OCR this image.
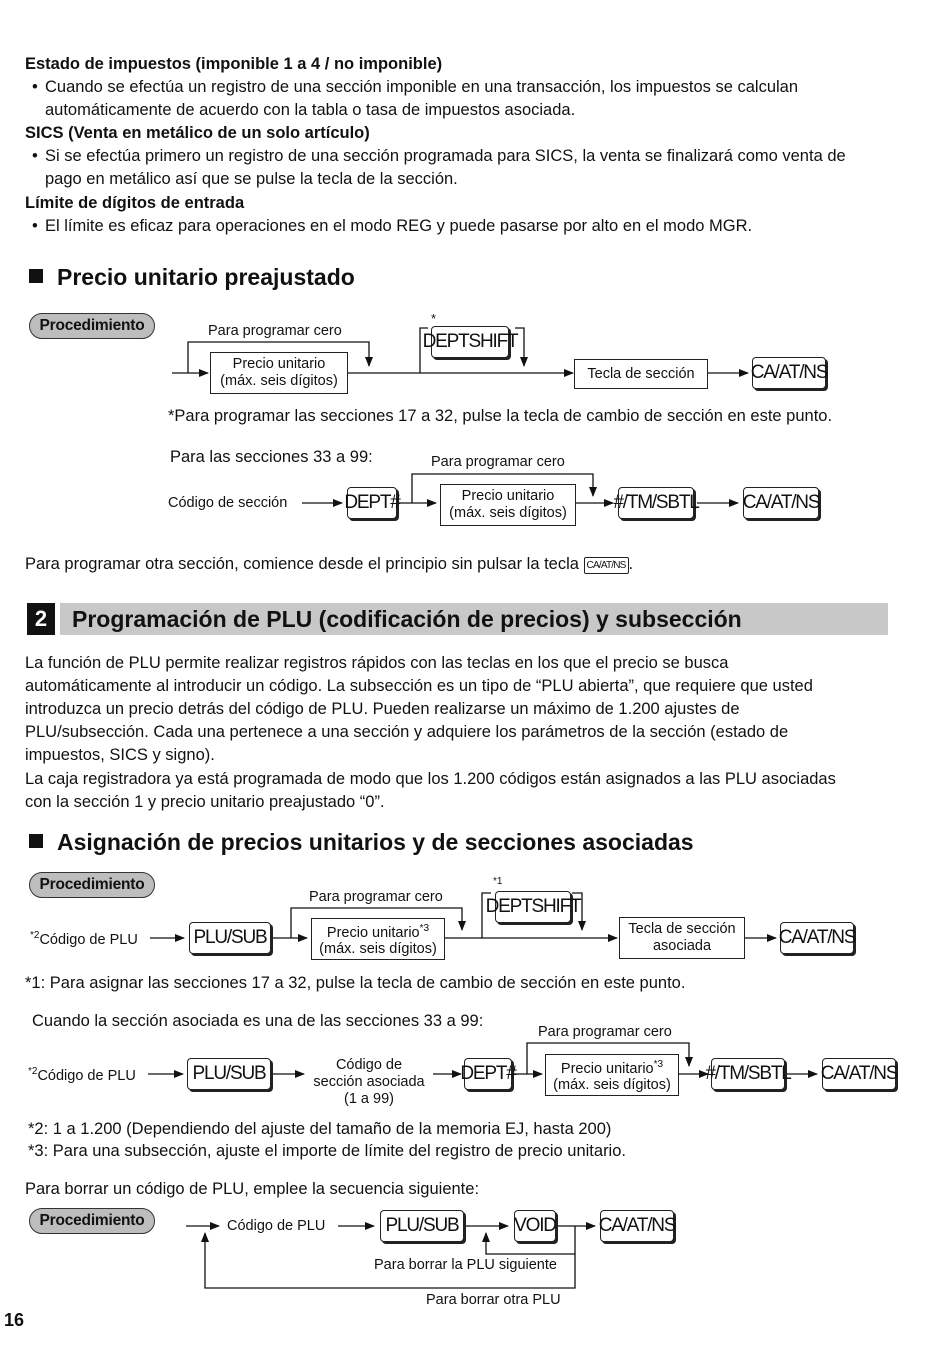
16
Estado de impuestos (imponible 1 a 4 / no imponible)
• Cuando se efectúa un registro de una sección imponible en una transacción, los impuestos se calculan
automáticamente de acuerdo con la tabla o tasa de impuestos asociada.
SICS (Venta en metálico de un solo artículo)
• Si se efectúa primero un registro de una sección programada para SICS, la venta se finalizará como venta de
pago en metálico así que se pulse la tecla de la sección.
Límite de dígitos de entrada
• El límite es eficaz para operaciones en el modo REG y puede pasarse por alto en el modo MGR.
Precio unitario preajustado
Procedimiento	Para programar cero
*
Precio unitario
(máx. seis dígitos)
DEPTSHIFT
Tecla de sección	CA/AT/NS
*Para programar las secciones 17 a 32, pulse la tecla de cambio de sección en este punto.
Para las secciones 33 a 99:	Para programar cero
Código de sección	DEPT#	Precio unitario
(máx. seis dígitos) #/TM/SBTL CA/AT/NS
Para programar otra sección, comience desde el principio sin pulsar la tecla CA/AT/NS .
2	Programación de PLU (codificación de precios) y subsección
La función de PLU permite realizar registros rápidos con las teclas en los que el precio se busca
automáticamente al introducir un código. La subsección es un tipo de “PLU abierta”, que requiere que usted
introduzca un precio detrás del código de PLU. Pueden realizarse un máximo de 1.200 ajustes de
PLU/subsección. Cada una pertenece a una sección y adquiere los parámetros de la sección (estado de
impuestos, SICS y signo).
La caja registradora ya está programada de modo que los 1.200 códigos están asignados a las PLU asociadas
con la sección 1 y precio unitario preajustado “0”.
Asignación de precios unitarios y de secciones asociadas
Procedimiento
Para programar cero
*1
$^{*2}$Código de PLU	PLU/SUB	Precio unitario$^{*3}$
(máx. seis dígitos)
DEPTSHIFT
Tecla de sección
asociada	CA/AT/NS
*1: Para asignar las secciones 17 a 32, pulse la tecla de cambio de sección en este punto.
Cuando la sección asociada es una de las secciones 33 a 99:
Para programar cero
$^{*2}$Código de PLU	PLU/SUB	Código de
sección asociada
(1 a 99)
DEPT#	Precio unitario$^{*3}$
(máx. seis dígitos)
#/TM/SBTL CA/AT/NS
*2: 1 a 1.200 (Dependiendo del ajuste del tamaño de la memoria EJ, hasta 200)
*3: Para una subsección, ajuste el importe de límite del registro de precio unitario.
Para borrar un código de PLU, emplee la secuencia siguiente:
Procedimiento	Código de PLU	PLU/SUB	VOID CA/AT/NS
Para borrar la PLU siguiente
Para borrar otra PLU
